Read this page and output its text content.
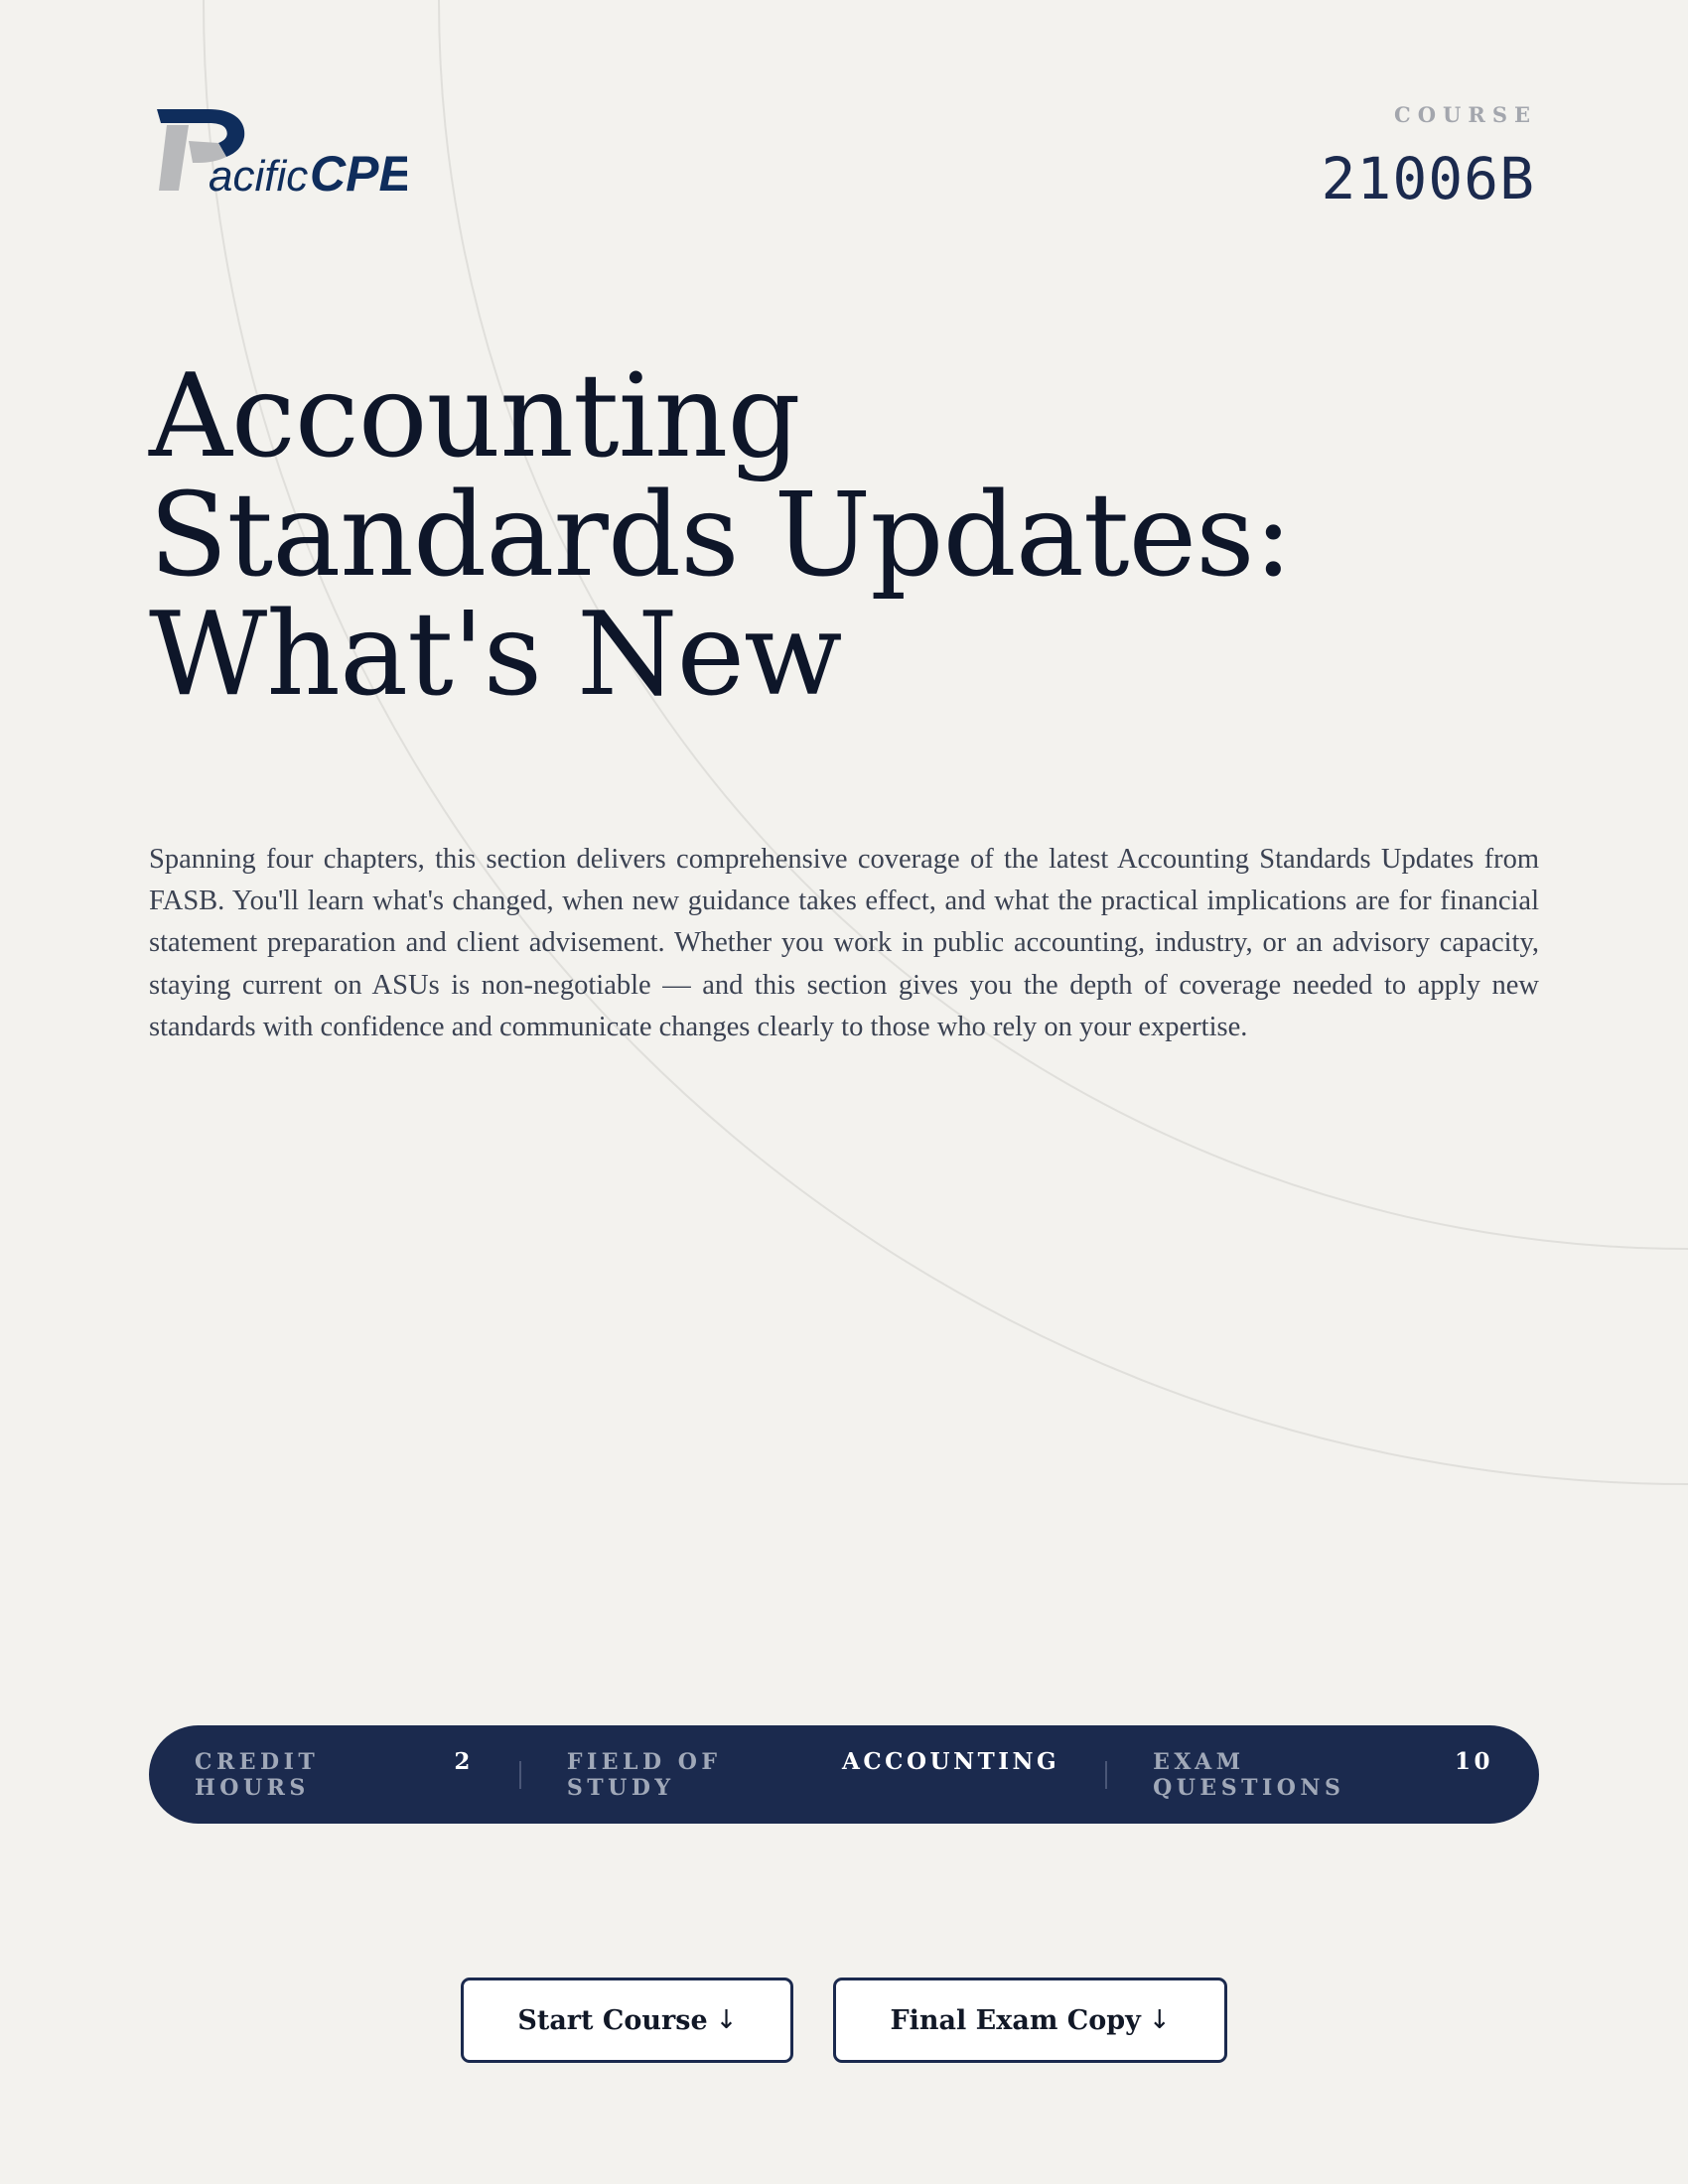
acific CPE
COURSE
21006B
Accounting
Standards Updates:
What's New

Spanning four chapters, this section delivers comprehensive coverage of the latest Accounting Standards Updates from FASB. You'll learn what's changed, when new guidance takes effect, and what the practical implications are for financial statement preparation and client advisement. Whether you work in public accounting, industry, or an advisory capacity, staying current on ASUs is non-negotiable — and this section gives you the depth of coverage needed to apply new standards with confidence and communicate changes clearly to those who rely on your expertise.

CREDIT HOURS
2	FIELD OF STUDY
ACCOUNTING	EXAM QUESTIONS
10
Start Course ↓	Final Exam Copy ↓
